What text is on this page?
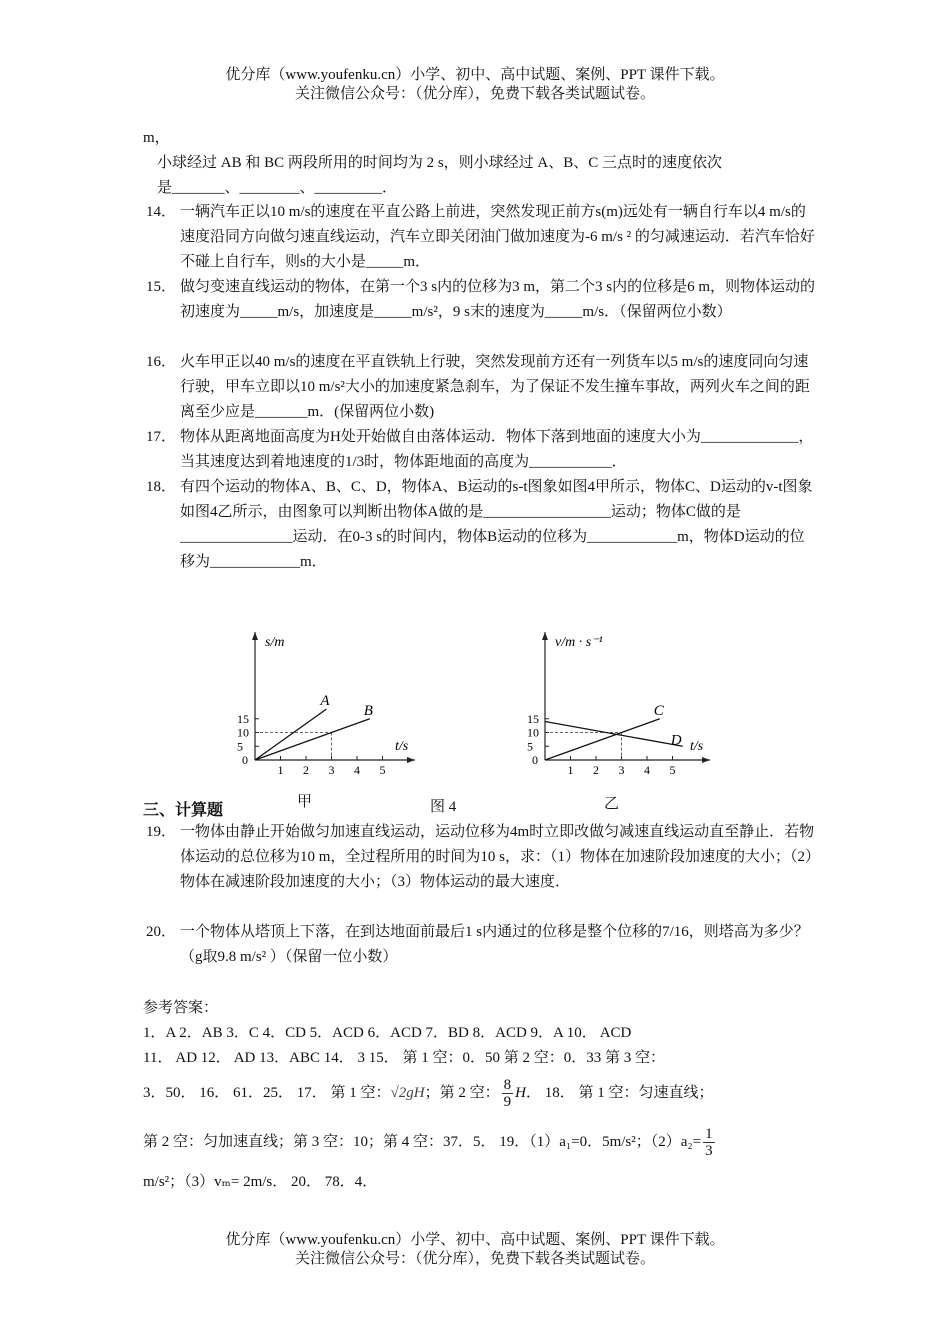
优分库（www.youfenku.cn）小学、初中、高中试题、案例、PPT 课件下载。
关注微信公众号：（优分库），免费下载各类试题试卷。
m，
小球经过 AB 和 BC 两段所用的时间均为 2 s，则小球经过 A、B、C 三点时的速度依次
是_______、________、_________．
14． 一辆汽车正以10 m/s的速度在平直公路上前进，突然发现正前方s(m)远处有一辆自行车以4 m/s的速度沿同方向做匀速直线运动，汽车立即关闭油门做加速度为-6 m/s ² 的匀减速运动．若汽车恰好不碰上自行车，则s的大小是_____m．
15． 做匀变速直线运动的物体，在第一个3 s内的位移为3 m，第二个3 s内的位移是6 m，则物体运动的初速度为_____m/s，加速度是_____m/s²，9 s末的速度为_____m/s．（保留两位小数）
16． 火车甲正以40 m/s的速度在平直铁轨上行驶，突然发现前方还有一列货车以5 m/s的速度同向匀速行驶，甲车立即以10 m/s²大小的加速度紧急刹车，为了保证不发生撞车事故，两列火车之间的距离至少应是_______m．(保留两位小数)
17． 物体从距离地面高度为H处开始做自由落体运动．物体下落到地面的速度大小为_____________，当其速度达到着地速度的1/3时，物体距地面的高度为___________．
18． 有四个运动的物体A、B、C、D，物体A、B运动的s-t图象如图4甲所示，物体C、D运动的v-t图象如图4乙所示，由图象可以判断出物体A做的是_________________运动；物体C做的是_______________运动．在0-3 s的时间内，物体B运动的位移为____________m，物体D运动的位移为____________m．
s/m
t/s
0
1 2 3 4 5
5
10
15
A
B
v/m · s⁻¹
t/s
0
1 2 3 4 5
5
10
15	C
D
甲	图 4	乙
三、计算题
19． 一物体由静止开始做匀加速直线运动，运动位移为4m时立即改做匀减速直线运动直至静止．若物体运动的总位移为10 m，全过程所用的时间为10 s，求：（1）物体在加速阶段加速度的大小；（2）物体在减速阶段加速度的大小；（3）物体运动的最大速度．
20． 一个物体从塔顶上下落，在到达地面前最后1 s内通过的位移是整个位移的7/16，则塔高为多少？（g取9.8 m/s² ）（保留一位小数）
参考答案：
1．A 2．AB 3．C 4．CD 5．ACD 6．ACD 7．BD 8．ACD 9．A 10． ACD
11． AD 12． AD 13．ABC 14． 3 15． 第 1 空：0．50 第 2 空：0．33 第 3 空：
3．50． 16． 61．25． 17． 第 1 空：√2gH；第 2 空： $\frac{8}{9}$ H． 18． 第 1 空：匀速直线；
第 2 空：匀加速直线；第 3 空：10；第 4 空：37．5． 19．（1）a₁=0．5m/s²；$(2)a_2= \frac{1}{3}$
m/s²；（3）vₘ= 2m/s． 20． 78．4．
优分库（www.youfenku.cn）小学、初中、高中试题、案例、PPT 课件下载。
关注微信公众号：（优分库），免费下载各类试题试卷。
